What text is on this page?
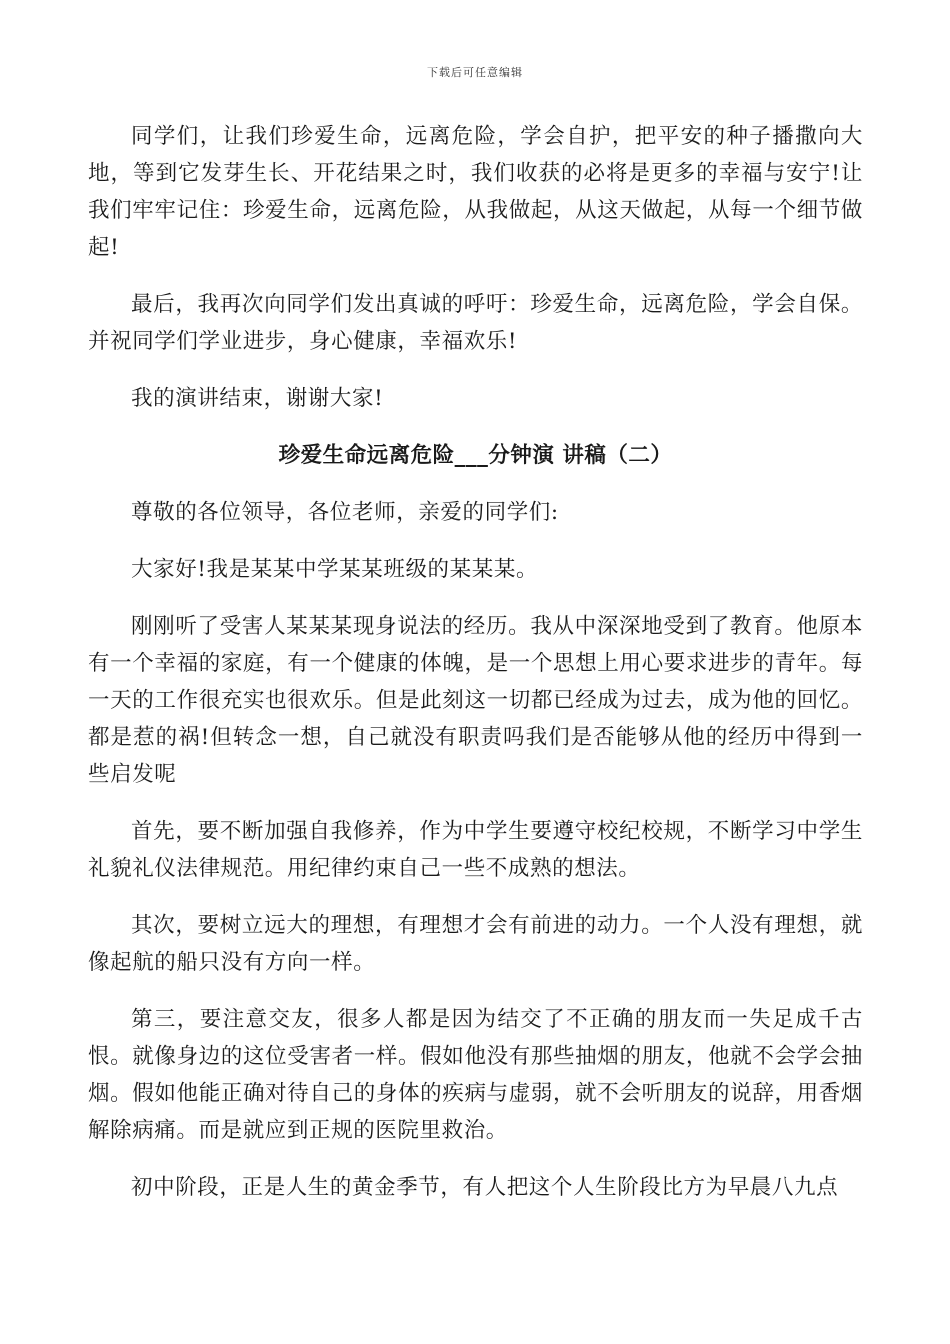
下载后可任意编辑

同学们，让我们珍爱生命，远离危险，学会自护，把平安的种子播撒向大地，等到它发芽生长、开花结果之时，我们收获的必将是更多的幸福与安宁!让我们牢牢记住：珍爱生命，远离危险，从我做起，从这天做起，从每一个细节做起!

最后，我再次向同学们发出真诚的呼吁：珍爱生命，远离危险，学会自保。并祝同学们学业进步，身心健康，幸福欢乐!

我的演讲结束，谢谢大家!

珍爱生命远离危险___分钟演 讲稿（二）

尊敬的各位领导，各位老师，亲爱的同学们:

大家好!我是某某中学某某班级的某某某。

刚刚听了受害人某某某现身说法的经历。我从中深深地受到了教育。他原本有一个幸福的家庭，有一个健康的体魄，是一个思想上用心要求进步的青年。每一天的工作很充实也很欢乐。但是此刻这一切都已经成为过去，成为他的回忆。都是惹的祸!但转念一想，自己就没有职责吗我们是否能够从他的经历中得到一些启发呢

首先，要不断加强自我修养，作为中学生要遵守校纪校规，不断学习中学生礼貌礼仪法律规范。用纪律约束自己一些不成熟的想法。

其次，要树立远大的理想，有理想才会有前进的动力。一个人没有理想，就像起航的船只没有方向一样。

第三，要注意交友，很多人都是因为结交了不正确的朋友而一失足成千古恨。就像身边的这位受害者一样。假如他没有那些抽烟的朋友，他就不会学会抽烟。假如他能正确对待自己的身体的疾病与虚弱，就不会听朋友的说辞，用香烟解除病痛。而是就应到正规的医院里救治。

初中阶段，正是人生的黄金季节，有人把这个人生阶段比方为早晨八九点
